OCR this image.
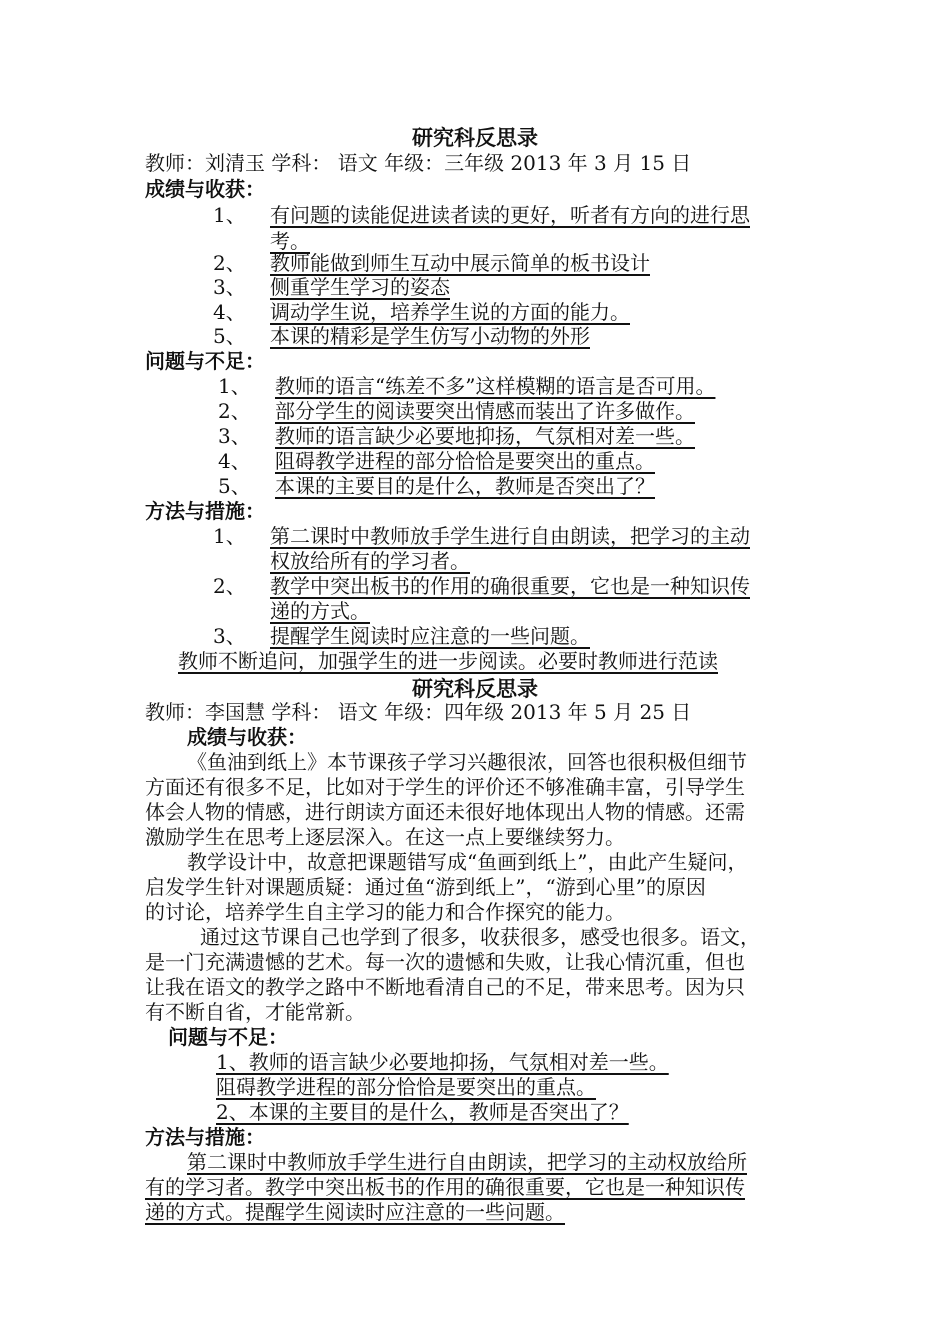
研究科反思录
教师：刘清玉 学科： 语文 年级：三年级 2013 年 3 月 15 日
成绩与收获：
1、 有问题的读能促进读者读的更好，听者有方向的进行思
考。
2、 教师能做到师生互动中展示简单的板书设计
3、 侧重学生学习的姿态
4、 调动学生说，培养学生说的方面的能力。
5、 本课的精彩是学生仿写小动物的外形
问题与不足：
1、 教师的语言“练差不多”这样模糊的语言是否可用。
2、 部分学生的阅读要突出情感而装出了许多做作。
3、 教师的语言缺少必要地抑扬，气氛相对差一些。
4、 阻碍教学进程的部分恰恰是要突出的重点。
5、 本课的主要目的是什么，教师是否突出了？
方法与措施：
1、 第二课时中教师放手学生进行自由朗读，把学习的主动
权放给所有的学习者。
2、 教学中突出板书的作用的确很重要，它也是一种知识传
递的方式。
3、 提醒学生阅读时应注意的一些问题。
教师不断追问，加强学生的进一步阅读。必要时教师进行范读
研究科反思录
教师：李国慧 学科： 语文 年级：四年级 2013 年 5 月 25 日
成绩与收获：
《鱼油到纸上》本节课孩子学习兴趣很浓，回答也很积极但细节
方面还有很多不足，比如对于学生的评价还不够准确丰富，引导学生
体会人物的情感，进行朗读方面还未很好地体现出人物的情感。还需
激励学生在思考上逐层深入。在这一点上要继续努力。
教学设计中，故意把课题错写成“鱼画到纸上”，由此产生疑问，
启发学生针对课题质疑：通过鱼“游到纸上”，“游到心里”的原因
的讨论，培养学生自主学习的能力和合作探究的能力。
通过这节课自己也学到了很多，收获很多，感受也很多。语文，
是一门充满遗憾的艺术。每一次的遗憾和失败，让我心情沉重，但也
让我在语文的教学之路中不断地看清自己的不足，带来思考。因为只
有不断自省，才能常新。
问题与不足：
1、教师的语言缺少必要地抑扬，气氛相对差一些。
阻碍教学进程的部分恰恰是要突出的重点。
2、本课的主要目的是什么，教师是否突出了？
方法与措施：
第二课时中教师放手学生进行自由朗读，把学习的主动权放给所
有的学习者。教学中突出板书的作用的确很重要，它也是一种知识传
递的方式。提醒学生阅读时应注意的一些问题。
